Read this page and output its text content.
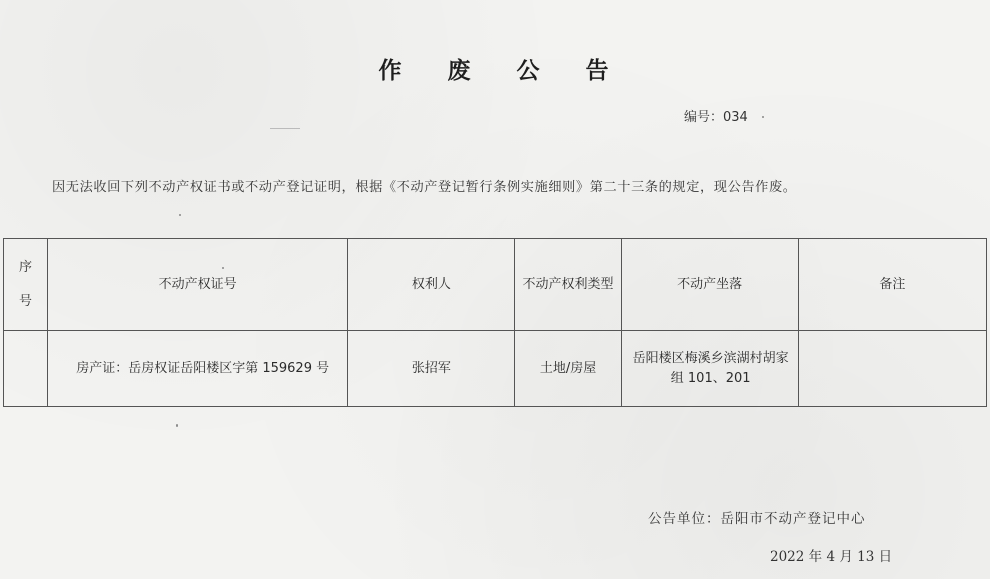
作 废 公 告
编号：034
因无法收回下列不动产权证书或不动产登记证明，根据《不动产登记暂行条例实施细则》第二十三条的规定，现公告作废。
序号	不动产权证号	权利人	不动产权利类型	不动产坐落	备注
	房产证：岳房权证岳阳楼区字第 159629 号	张招军	土地/房屋	岳阳楼区梅溪乡滨湖村胡家组 101、201	
公告单位：岳阳市不动产登记中心
2022 年 4 月 13 日
